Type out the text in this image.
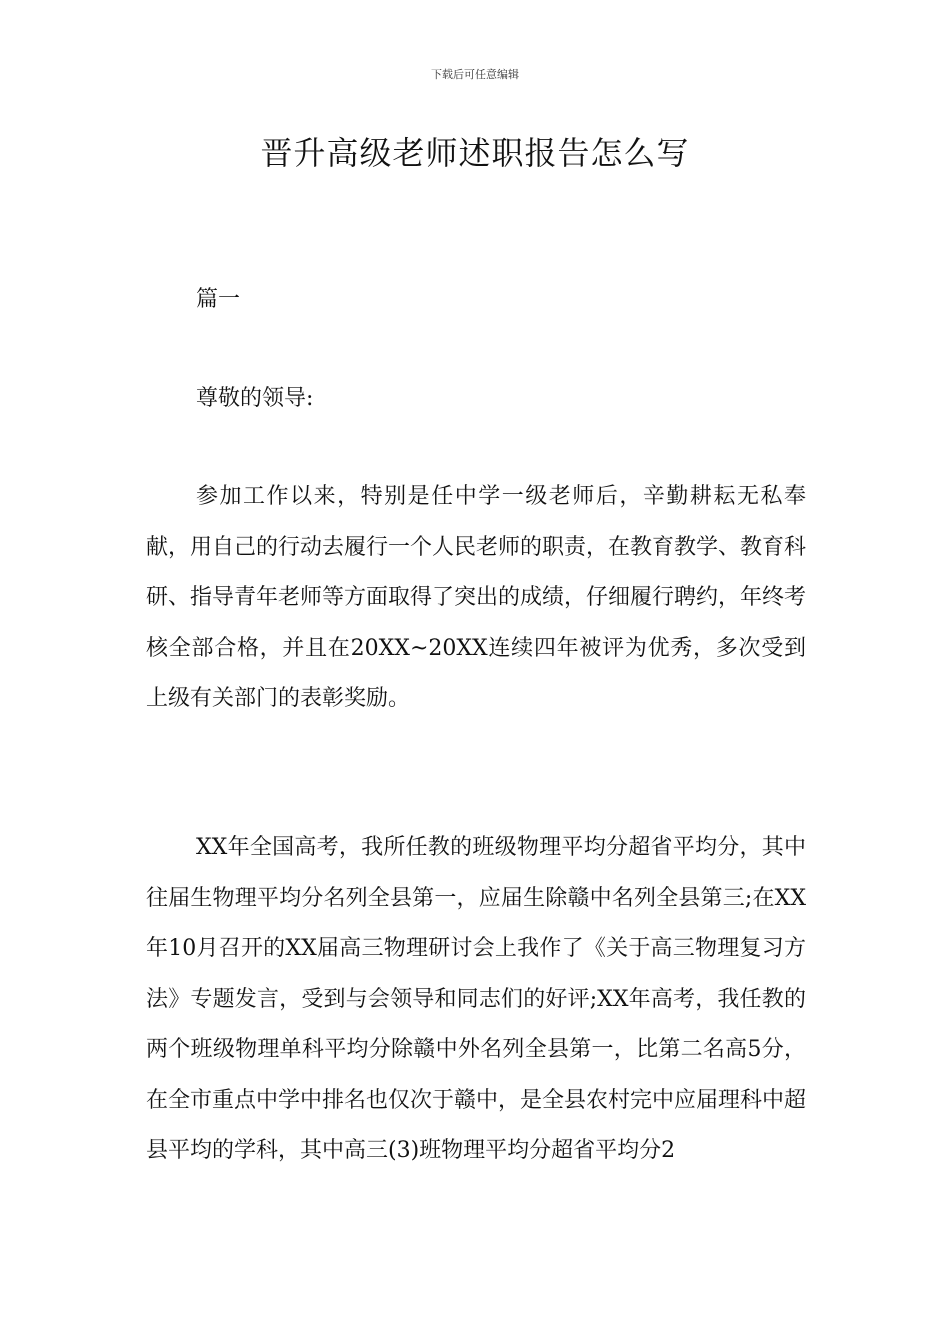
下载后可任意编辑
晋升高级老师述职报告怎么写
篇一
尊敬的领导:

参加工作以来，特别是任中学一级老师后，辛勤耕耘无私奉献，用自己的行动去履行一个人民老师的职责，在教育教学、教育科研、指导青年老师等方面取得了突出的成绩，仔细履行聘约，年终考核全部合格，并且在20XX~20XX连续四年被评为优秀，多次受到上级有关部门的表彰奖励。

XX年全国高考，我所任教的班级物理平均分超省平均分，其中往届生物理平均分名列全县第一，应届生除赣中名列全县第三;在XX年10月召开的XX届高三物理研讨会上我作了《关于高三物理复习方法》专题发言，受到与会领导和同志们的好评;XX年高考，我任教的两个班级物理单科平均分除赣中外名列全县第一，比第二名高5分，在全市重点中学中排名也仅次于赣中，是全县农村完中应届理科中超县平均的学科，其中高三(3)班物理平均分超省平均分2
